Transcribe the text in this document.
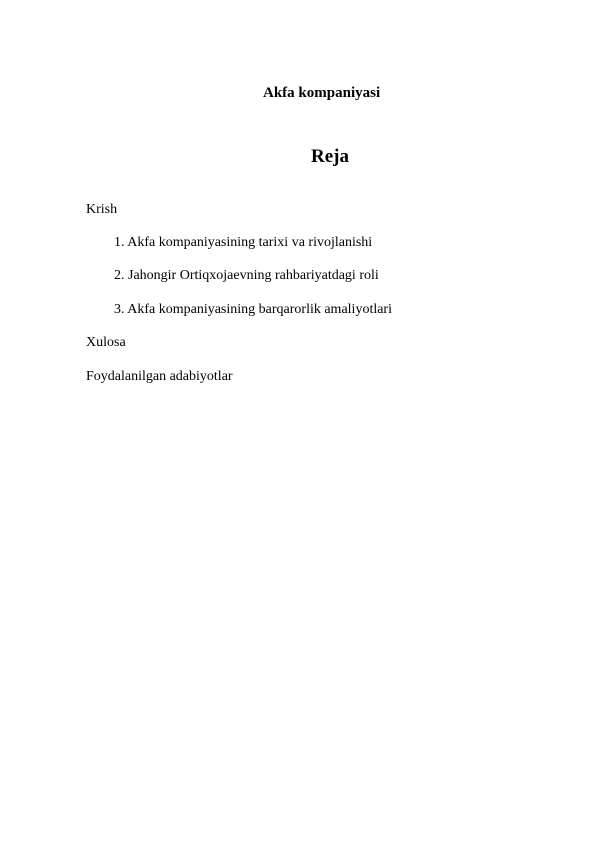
Akfa kompaniyasi
Reja
Krish
1. Akfa kompaniyasining tarixi va rivojlanishi
2. Jahongir Ortiqxojaevning rahbariyatdagi roli
3. Akfa kompaniyasining barqarorlik amaliyotlari
Xulosa
Foydalanilgan adabiyotlar
